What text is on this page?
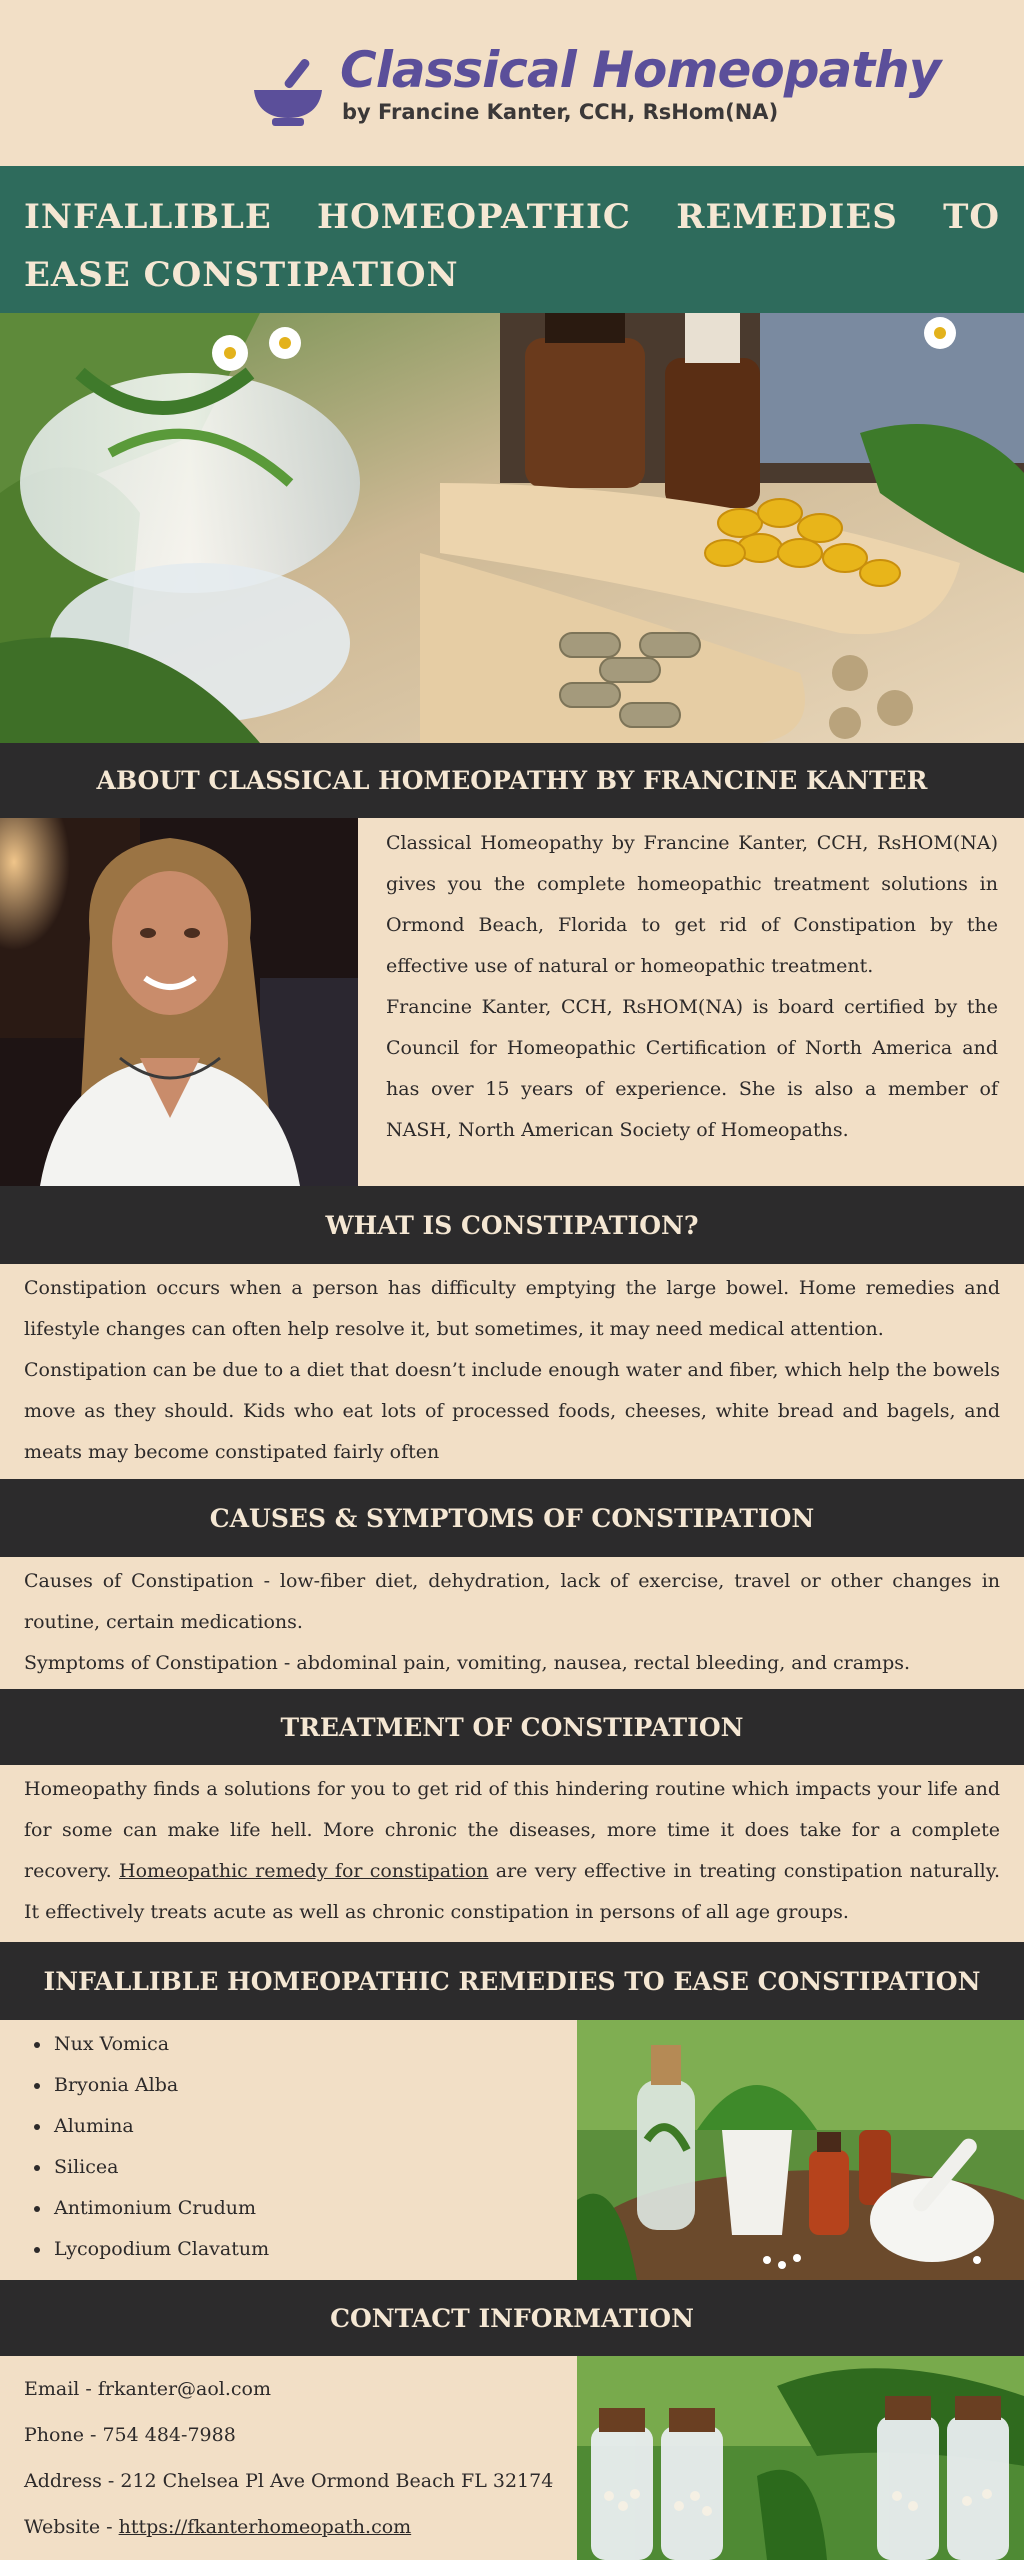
Classical Homeopathy
by Francine Kanter, CCH, RsHom(NA)
INFALLIBLE HOMEOPATHIC REMEDIES TO EASE CONSTIPATION
ABOUT CLASSICAL HOMEOPATHY BY FRANCINE KANTER

Classical Homeopathy by Francine Kanter, CCH, RsHOM(NA) gives you the complete homeopathic treatment solutions in Ormond Beach, Florida to get rid of Constipation by the effective use of natural or homeopathic treatment.

Francine Kanter, CCH, RsHOM(NA) is board certified by the Council for Homeopathic Certification of North America and has over 15 years of experience. She is also a member of NASH, North American Society of Homeopaths.

WHAT IS CONSTIPATION?

Constipation occurs when a person has difficulty emptying the large bowel. Home remedies and lifestyle changes can often help resolve it, but sometimes, it may need medical attention.

Constipation can be due to a diet that doesn’t include enough water and fiber, which help the bowels move as they should. Kids who eat lots of processed foods, cheeses, white bread and bagels, and meats may become constipated fairly often

CAUSES & SYMPTOMS OF CONSTIPATION

Causes of Constipation - low-fiber diet, dehydration, lack of exercise, travel or other changes in routine, certain medications.

Symptoms of Constipation - abdominal pain, vomiting, nausea, rectal bleeding, and cramps.

TREATMENT OF CONSTIPATION

Homeopathy finds a solutions for you to get rid of this hindering routine which impacts your life and for some can make life hell. More chronic the diseases, more time it does take for a complete recovery. Homeopathic remedy for constipation are very effective in treating constipation naturally. It effectively treats acute as well as chronic constipation in persons of all age groups.

INFALLIBLE HOMEOPATHIC REMEDIES TO EASE CONSTIPATION
• Nux Vomica
• Bryonia Alba
• Alumina
• Silicea
• Antimonium Crudum
• Lycopodium Clavatum
CONTACT INFORMATION
Email - frkanter@aol.com
Phone - 754 484-7988
Address - 212 Chelsea Pl Ave Ormond Beach FL 32174
Website - https://fkanterhomeopath.com
